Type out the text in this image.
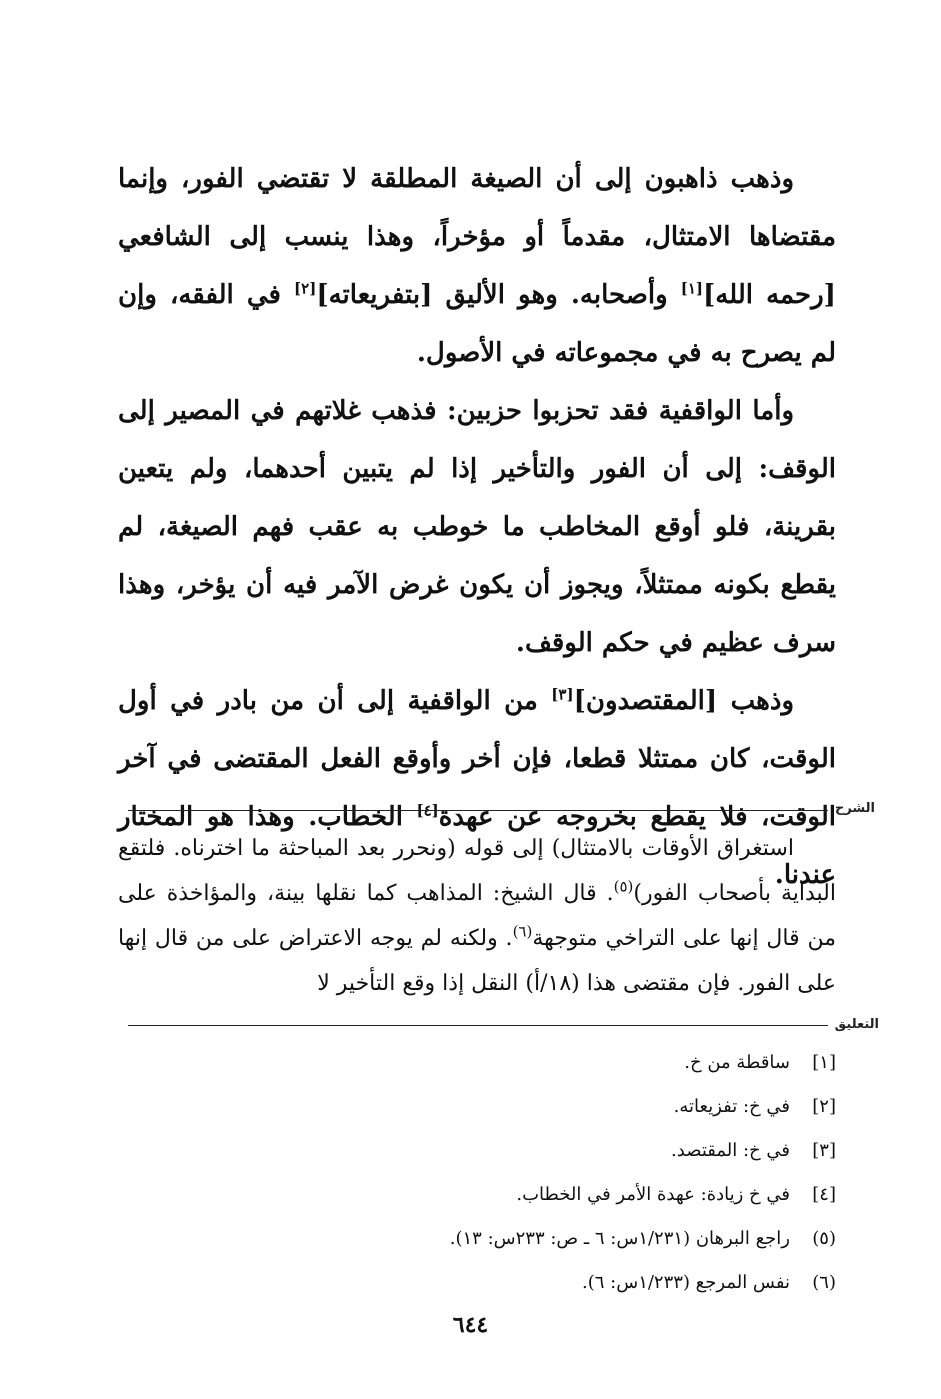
وذهب ذاهبون إلى أن الصيغة المطلقة لا تقتضي الفور، وإنما مقتضاها الامتثال، مقدماً أو مؤخراً، وهذا ينسب إلى الشافعي [رحمه الله][١] وأصحابه. وهو الأليق [بتفريعاته][٢] في الفقه، وإن لم يصرح به في مجموعاته في الأصول.

وأما الواقفية فقد تحزبوا حزبين: فذهب غلاتهم في المصير إلى الوقف: إلى أن الفور والتأخير إذا لم يتبين أحدهما، ولم يتعين بقرينة، فلو أوقع المخاطب ما خوطب به عقب فهم الصيغة، لم يقطع بكونه ممتثلاً، ويجوز أن يكون غرض الآمر فيه أن يؤخر، وهذا سرف عظيم في حكم الوقف.

وذهب [المقتصدون][٣] من الواقفية إلى أن من بادر في أول الوقت، كان ممتثلا قطعا، فإن أخر وأوقع الفعل المقتضى في آخر الوقت، فلا يقطع بخروجه عن عهدة[٤] الخطاب. وهذا هو المختار عندنا.

الشرح

استغراق الأوقات بالامتثال) إلى قوله (ونحرر بعد المباحثة ما اخترناه. فلتقع البداية بأصحاب الفور)$^{(٥)}$. قال الشيخ: المذاهب كما نقلها بينة، والمؤاخذة على من قال إنها على التراخي متوجهة$^{(٦)}$. ولكنه لم يوجه الاعتراض على من قال إنها على الفور. فإن مقتضى هذا (١٨/أ) النقل إذا وقع التأخير لا

التعليق
[١]
ساقطة من خ.
[٢]
في خ: تفزيعاته.
[٣]
في خ: المقتصد.
[٤]
في خ زيادة: عهدة الأمر في الخطاب.
(٥)
راجع البرهان (١/٢٣١س: ٦ ـ ص: ٢٣٣س: ١٣).
(٦)
نفس المرجع (١/٢٣٣س: ٦).
٦٤٤
